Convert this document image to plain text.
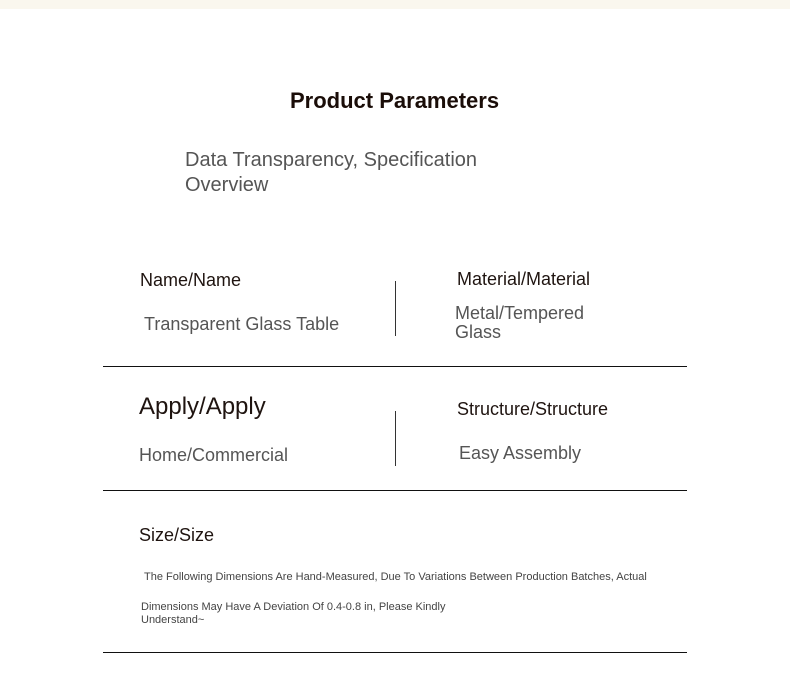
Product Parameters
Data Transparency, Specification Overview
Name/Name
Transparent Glass Table
Material/Material
Metal/Tempered Glass
Apply/Apply
Home/Commercial
Structure/Structure
Easy Assembly
Size/Size
The Following Dimensions Are Hand-Measured, Due To Variations Between Production Batches, Actual
Dimensions May Have A Deviation Of 0.4-0.8 in, Please Kindly Understand~
